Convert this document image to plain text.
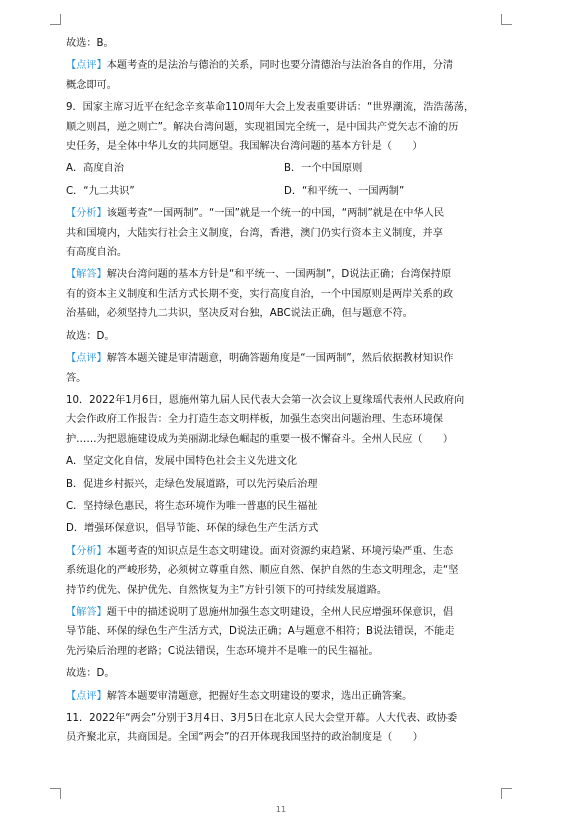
故选：B。

【点评】本题考查的是法治与德治的关系，同时也要分清德治与法治各自的作用，分清

概念即可。

9．国家主席习近平在纪念辛亥革命110周年大会上发表重要讲话：“世界潮流，浩浩荡荡，

顺之则昌，逆之则亡”。解决台湾问题，实现祖国完全统一，是中国共产党矢志不渝的历

史任务，是全体中华儿女的共同愿望。我国解决台湾问题的基本方针是（　　）

A．高度自治	B．一个中国原则
C．“九二共识”	D．“和平统一、一国两制”

【分析】该题考查“一国两制”。“一国”就是一个统一的中国，“两制”就是在中华人民

共和国境内，大陆实行社会主义制度，台湾，香港，澳门仍实行资本主义制度，并享

有高度自治。

【解答】解决台湾问题的基本方针是“和平统一、一国两制”，D说法正确；台湾保持原

有的资本主义制度和生活方式长期不变，实行高度自治，一个中国原则是两岸关系的政

治基础，必须坚持九二共识，坚决反对台独，ABC说法正确，但与题意不符。

故选：D。

【点评】解答本题关键是审清题意，明确答题角度是“一国两制”，然后依据教材知识作

答。

10．2022年1月6日，恩施州第九届人民代表大会第一次会议上夏缘瑶代表州人民政府向

大会作政府工作报告：全力打造生态文明样板，加强生态突出问题治理、生态环境保

护……为把恩施建设成为美丽湖北绿色崛起的重要一极不懈奋斗。全州人民应（　　）

A．坚定文化自信，发展中国特色社会主义先进文化

B．促进乡村振兴，走绿色发展道路，可以先污染后治理

C．坚持绿色惠民，将生态环境作为唯一普惠的民生福祉

D．增强环保意识，倡导节能、环保的绿色生产生活方式

【分析】本题考查的知识点是生态文明建设。面对资源约束趋紧、环境污染严重、生态

系统退化的严峻形势，必须树立尊重自然、顺应自然、保护自然的生态文明理念，走“坚

持节约优先、保护优先、自然恢复为主”方针引领下的可持续发展道路。

【解答】题干中的描述说明了恩施州加强生态文明建设，全州人民应增强环保意识，倡

导节能、环保的绿色生产生活方式，D说法正确；A与题意不相符；B说法错误，不能走

先污染后治理的老路；C说法错误，生态环境并不是唯一的民生福祉。

故选：D。

【点评】解答本题要审清题意，把握好生态文明建设的要求，选出正确答案。

11．2022年“两会”分别于3月4日、3月5日在北京人民大会堂开幕。人大代表、政协委

员齐聚北京，共商国是。全国“两会”的召开体现我国坚持的政治制度是（　　）

11
